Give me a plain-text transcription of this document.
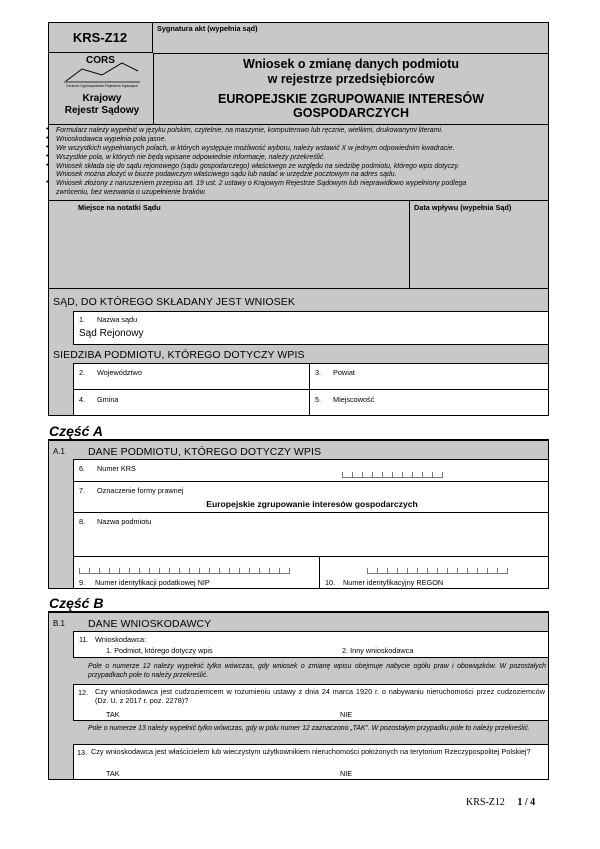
KRS-Z12
Sygnatura akt (wypełnia sąd)
CORS
Centrum Ogólnopolskich Rejestrów Sądowych
Krajowy
Rejestr Sądowy
Wniosek o zmianę danych podmiotu
w rejestrze przedsiębiorców
EUROPEJSKIE ZGRUPOWANIE INTERESÓW
GOSPODARCZYCH
• Formularz należy wypełnić w języku polskim, czytelnie, na maszynie, komputerowo lub ręcznie, wielkimi, drukowanymi literami.
• Wnioskodawca wypełnia pola jasne.
• We wszystkich wypełnianych polach, w których występuje możliwość wyboru, należy wstawić X w jednym odpowiednim kwadracie.
• Wszystkie pola, w których nie będą wpisane odpowiednie informacje, należy przekreślić.
• Wniosek składa się do sądu rejonowego (sądu gospodarczego) właściwego ze względu na siedzibę podmiotu, którego wpis dotyczy.
Wniosek można złożyć w biurze podawczym właściwego sądu lub nadać w urzędzie pocztowym na adres sądu.
• Wniosek złożony z naruszeniem przepisu art. 19 ust. 2 ustawy o Krajowym Rejestrze Sądowym lub nieprawidłowo wypełniony podlega
zwróceniu, bez wezwania o uzupełnienie braków.
Miejsce na notatki Sądu	Data wpływu (wypełnia Sąd)
SĄD, DO KTÓREGO SKŁADANY JEST WNIOSEK
1. Nazwa sądu
Sąd Rejonowy
SIEDZIBA PODMIOTU, KTÓREGO DOTYCZY WPIS
2. Województwo	3. Powiat
4. Gmina	5. Miejscowość
Część A
A.1 DANE PODMIOTU, KTÓREGO DOTYCZY WPIS
6. Numer KRS
7. Oznaczenie formy prawnej
Europejskie zgrupowanie interesów gospodarczych
8. Nazwa podmiotu
9. Numer identyfikacji podatkowej NIP	10. Numer identyfikacyjny REGON
Część B
B.1 DANE WNIOSKODAWCY
11. Wnioskodawca:
1. Podmiot, którego dotyczy wpis	2. Inny wnioskodawca
Pole o numerze 12 należy wypełnić tylko wówczas, gdy wniosek o zmianę wpisu obejmuje nabycie ogółu praw i obowiązków. W pozostałych przypadkach pole to należy przekreślić.
12. Czy wnioskodawca jest cudzoziemcem w rozumieniu ustawy z dnia 24 marca 1920 r. o nabywaniu nieruchomości przez cudzoziemców (Dz. U. z 2017 r. poz. 2278)?
TAK	NIE
Pole o numerze 13 należy wypełnić tylko wówczas, gdy w polu numer 12 zaznaczono „TAK”. W pozostałym przypadku pole to należy przekreślić.
13. Czy wnioskodawca jest właścicielem lub wieczystym użytkownikiem nieruchomości położonych na terytorium Rzeczypospolitej Polskiej?
TAK	NIE
KRS-Z12 1 / 4
